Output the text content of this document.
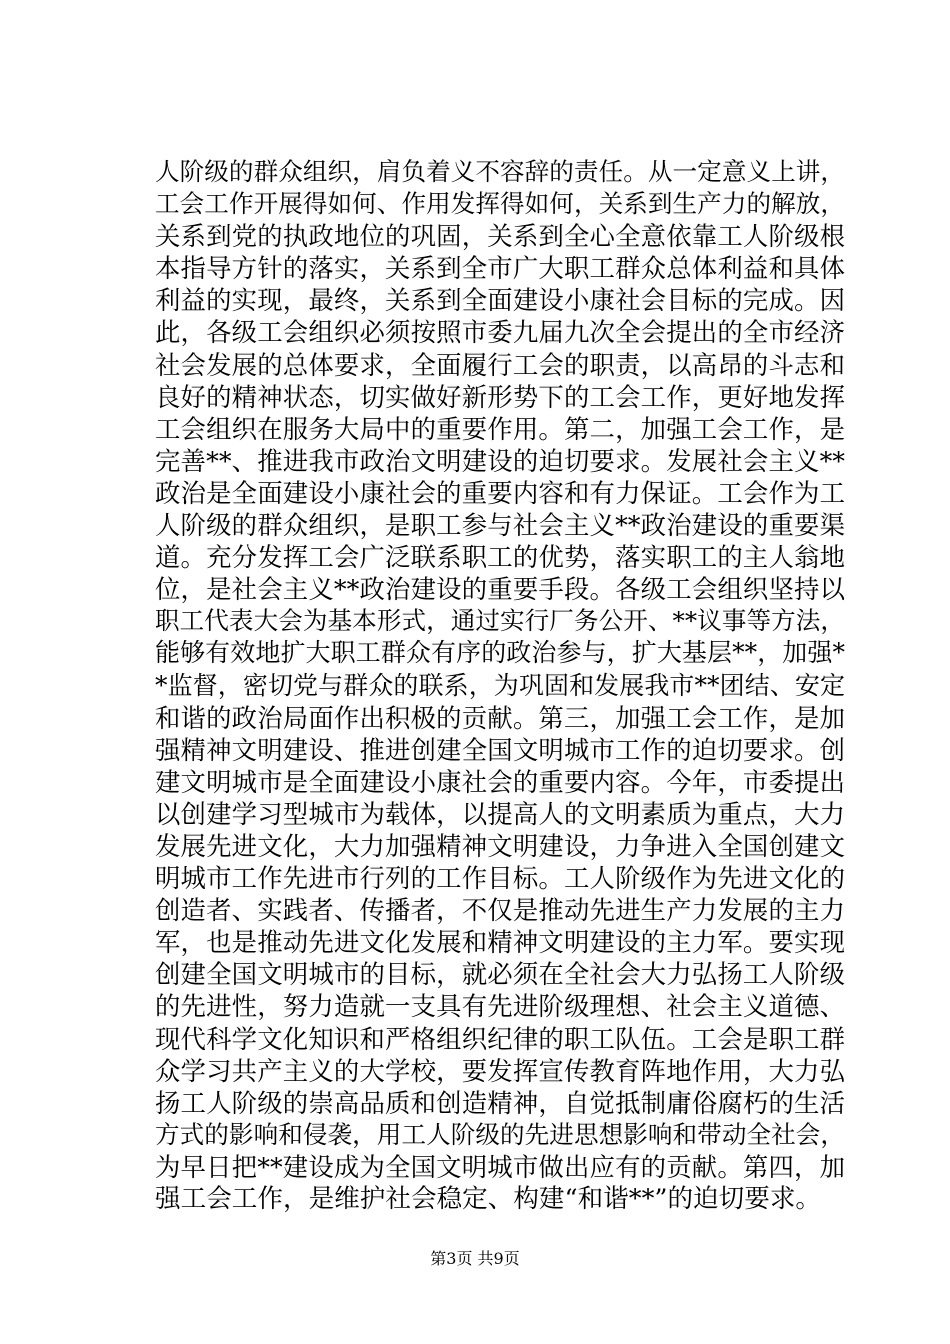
人阶级的群众组织，肩负着义不容辞的责任。从一定意义上讲，
工会工作开展得如何、作用发挥得如何，关系到生产力的解放，
关系到党的执政地位的巩固，关系到全心全意依靠工人阶级根
本指导方针的落实，关系到全市广大职工群众总体利益和具体
利益的实现，最终，关系到全面建设小康社会目标的完成。因
此，各级工会组织必须按照市委九届九次全会提出的全市经济
社会发展的总体要求，全面履行工会的职责，以高昂的斗志和
良好的精神状态，切实做好新形势下的工会工作，更好地发挥
工会组织在服务大局中的重要作用。第二，加强工会工作，是
完善**、推进我市政治文明建设的迫切要求。发展社会主义**
政治是全面建设小康社会的重要内容和有力保证。工会作为工
人阶级的群众组织，是职工参与社会主义**政治建设的重要渠
道。充分发挥工会广泛联系职工的优势，落实职工的主人翁地
位，是社会主义**政治建设的重要手段。各级工会组织坚持以
职工代表大会为基本形式，通过实行厂务公开、**议事等方法，
能够有效地扩大职工群众有序的政治参与，扩大基层**，加强*
*监督，密切党与群众的联系，为巩固和发展我市**团结、安定
和谐的政治局面作出积极的贡献。第三，加强工会工作，是加
强精神文明建设、推进创建全国文明城市工作的迫切要求。创
建文明城市是全面建设小康社会的重要内容。今年，市委提出
以创建学习型城市为载体，以提高人的文明素质为重点，大力
发展先进文化，大力加强精神文明建设，力争进入全国创建文
明城市工作先进市行列的工作目标。工人阶级作为先进文化的
创造者、实践者、传播者，不仅是推动先进生产力发展的主力
军，也是推动先进文化发展和精神文明建设的主力军。要实现
创建全国文明城市的目标，就必须在全社会大力弘扬工人阶级
的先进性，努力造就一支具有先进阶级理想、社会主义道德、
现代科学文化知识和严格组织纪律的职工队伍。工会是职工群
众学习共产主义的大学校，要发挥宣传教育阵地作用，大力弘
扬工人阶级的崇高品质和创造精神，自觉抵制庸俗腐朽的生活
方式的影响和侵袭，用工人阶级的先进思想影响和带动全社会，
为早日把**建设成为全国文明城市做出应有的贡献。第四，加
强工会工作，是维护社会稳定、构建“和谐**”的迫切要求。
第3页 共9页
